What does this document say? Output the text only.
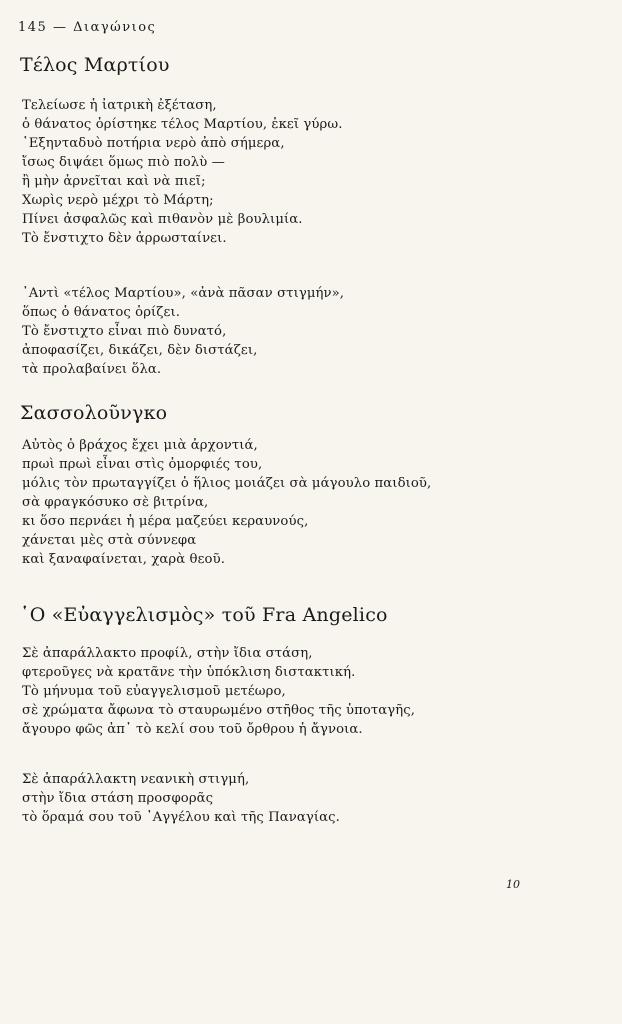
145 — Διαγώνιος
Τέλος Μαρτίου
Τελείωσε ἡ ἰατρικὴ ἐξέταση,
ὁ θάνατος ὁρίστηκε τέλος Μαρτίου, ἐκεῖ γύρω.
῾Εξηνταδυὸ ποτήρια νερὸ ἀπὸ σήμερα,
ἴσως διψάει ὅμως πιὸ πολὺ —
ἢ μὴν ἀρνεῖται καὶ νὰ πιεῖ;
Χωρὶς νερὸ μέχρι τὸ Μάρτη;
Πίνει ἀσφαλῶς καὶ πιθανὸν μὲ βουλιμία.
Τὸ ἔνστιχτο δὲν ἀρρωσταίνει.
᾽Αντὶ «τέλος Μαρτίου», «ἀνὰ πᾶσαν στιγμήν»,
ὅπως ὁ θάνατος ὁρίζει.
Τὸ ἔνστιχτο εἶναι πιὸ δυνατό,
ἀποφασίζει, δικάζει, δὲν διστάζει,
τὰ προλαβαίνει ὅλα.
Σασσολοῦνγκο
Αὐτὸς ὁ βράχος ἔχει μιὰ ἀρχοντιά,
πρωὶ πρωὶ εἶναι στὶς ὀμορφιές του,
μόλις τὸν πρωταγγίζει ὁ ἥλιος μοιάζει σὰ μάγουλο παιδιοῦ,
σὰ φραγκόσυκο σὲ βιτρίνα,
κι ὅσο περνάει ἡ μέρα μαζεύει κεραυνούς,
χάνεται μὲς στὰ σύννεφα
καὶ ξαναφαίνεται, χαρὰ θεοῦ.
῾Ο «Εὐαγγελισμὸς» τοῦ Fra Angelico
Σὲ ἀπαράλλακτο προφίλ, στὴν ἴδια στάση,
φτεροῦγες νὰ κρατᾶνε τὴν ὑπόκλιση διστακτική.
Τὸ μήνυμα τοῦ εὐαγγελισμοῦ μετέωρο,
σὲ χρώματα ἄφωνα τὸ σταυρωμένο στῆθος τῆς ὑποταγῆς,
ἄγουρο φῶς ἀπ᾽ τὸ κελί σου τοῦ ὄρθρου ἡ ἄγνοια.
Σὲ ἀπαράλλακτη νεανικὴ στιγμή,
στὴν ἴδια στάση προσφορᾶς
τὸ ὅραμά σου τοῦ ᾽Αγγέλου καὶ τῆς Παναγίας.
10
